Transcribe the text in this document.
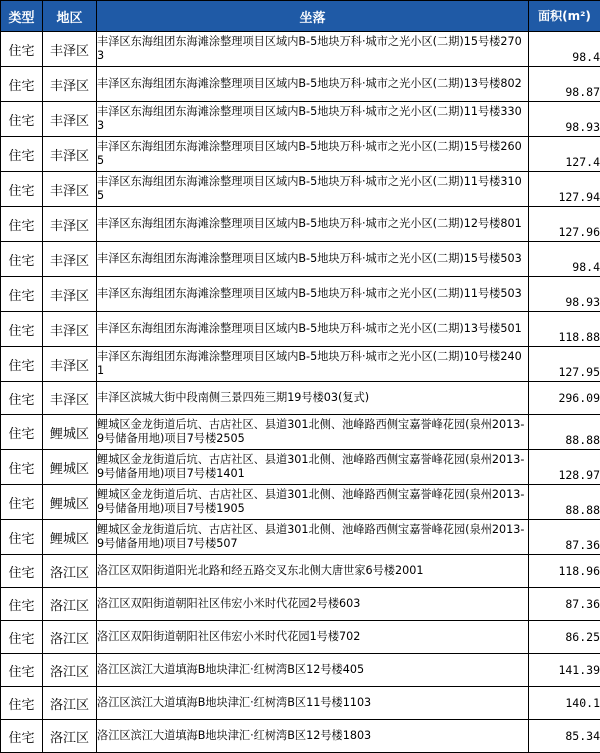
类型	地区	坐落	面积(m²)

住宅	丰泽区	丰泽区东海组团东海滩涂整理项目区域内B-5地块万科·城市之光小区(二期)15号楼2703	98.4
住宅	丰泽区	丰泽区东海组团东海滩涂整理项目区域内B-5地块万科·城市之光小区(二期)13号楼802	98.87
住宅	丰泽区	丰泽区东海组团东海滩涂整理项目区域内B-5地块万科·城市之光小区(二期)11号楼3303	98.93
住宅	丰泽区	丰泽区东海组团东海滩涂整理项目区域内B-5地块万科·城市之光小区(二期)15号楼2605	127.4
住宅	丰泽区	丰泽区东海组团东海滩涂整理项目区域内B-5地块万科·城市之光小区(二期)11号楼3105	127.94
住宅	丰泽区	丰泽区东海组团东海滩涂整理项目区域内B-5地块万科·城市之光小区(二期)12号楼801	127.96
住宅	丰泽区	丰泽区东海组团东海滩涂整理项目区域内B-5地块万科·城市之光小区(二期)15号楼503	98.4
住宅	丰泽区	丰泽区东海组团东海滩涂整理项目区域内B-5地块万科·城市之光小区(二期)11号楼503	98.93
住宅	丰泽区	丰泽区东海组团东海滩涂整理项目区域内B-5地块万科·城市之光小区(二期)13号楼501	118.88
住宅	丰泽区	丰泽区东海组团东海滩涂整理项目区域内B-5地块万科·城市之光小区(二期)10号楼2401	127.95
住宅	丰泽区	丰泽区滨城大街中段南侧三景四苑三期19号楼03(复式)	296.09
住宅	鲤城区	鲤城区金龙街道后坑、古店社区、县道301北侧、池峰路西侧宝嘉誉峰花园(泉州2013-9号储备用地)项目7号楼2505	88.88
住宅	鲤城区	鲤城区金龙街道后坑、古店社区、县道301北侧、池峰路西侧宝嘉誉峰花园(泉州2013-9号储备用地)项目7号楼1401	128.97
住宅	鲤城区	鲤城区金龙街道后坑、古店社区、县道301北侧、池峰路西侧宝嘉誉峰花园(泉州2013-9号储备用地)项目7号楼1905	88.88
住宅	鲤城区	鲤城区金龙街道后坑、古店社区、县道301北侧、池峰路西侧宝嘉誉峰花园(泉州2013-9号储备用地)项目7号楼507	87.36
住宅	洛江区	洛江区双阳街道阳光北路和经五路交叉东北侧大唐世家6号楼2001	118.96
住宅	洛江区	洛江区双阳街道朝阳社区伟宏小米时代花园2号楼603	87.36
住宅	洛江区	洛江区双阳街道朝阳社区伟宏小米时代花园1号楼702	86.25
住宅	洛江区	洛江区滨江大道填海B地块津汇·红树湾B区12号楼405	141.39
住宅	洛江区	洛江区滨江大道填海B地块津汇·红树湾B区11号楼1103	140.1
住宅	洛江区	洛江区滨江大道填海B地块津汇·红树湾B区12号楼1803	85.34
